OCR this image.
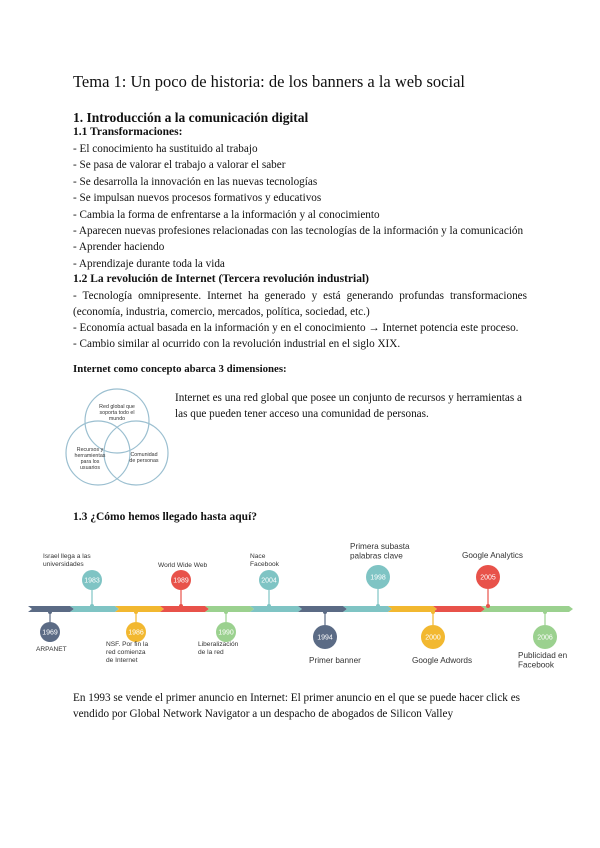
Tema 1: Un poco de historia: de los banners a la web social
1. Introducción a la comunicación digital
1.1 Transformaciones:
- El conocimiento ha sustituido al trabajo
- Se pasa de valorar el trabajo a valorar el saber
- Se desarrolla la innovación en las nuevas tecnologías
- Se impulsan nuevos procesos formativos y educativos
- Cambia la forma de enfrentarse a la información y al conocimiento
- Aparecen nuevas profesiones relacionadas con las tecnologías de la información y la comunicación
- Aprender haciendo
- Aprendizaje durante toda la vida
1.2 La revolución de Internet (Tercera revolución industrial)
- Tecnología omnipresente. Internet ha generado y está generando profundas transformaciones (economía, industria, comercio, mercados, política, sociedad, etc.)
- Economía actual basada en la información y en el conocimiento → Internet potencia este proceso.
- Cambio similar al ocurrido con la revolución industrial en el siglo XIX.
Internet como concepto abarca 3 dimensiones:
Red global que
soporta todo el
mundo
Recursos y
herramientas
para los
usuarios
Comunidad
de personas
Internet es una red global que posee un conjunto de recursos y herramientas a las que pueden tener acceso una comunidad de personas.
1.3 ¿Cómo hemos llegado hasta aquí?
1969
ARPANET
1983
Israel llega a las
universidades
1986
NSF. Por fin la
red comienza
de Internet
1989
World Wide Web
1990
Liberalización
de la red
2004
Nace
Facebook
1994
Primer banner
1998
Primera subasta
palabras clave
2000
Google Adwords
2005
Google Analytics
2006
Publicidad en
Facebook
En 1993 se vende el primer anuncio en Internet: El primer anuncio en el que se puede hacer click es vendido por Global Network Navigator a un despacho de abogados de Silicon Valley
